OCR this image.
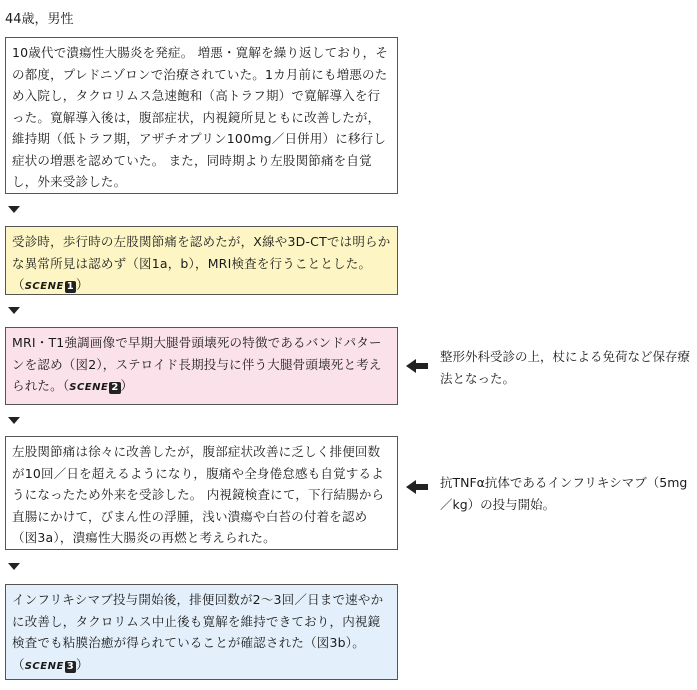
44歳，男性
10歳代で潰瘍性大腸炎を発症。 増悪・寛解を繰り返しており，その都度，プレドニゾロンで治療されていた。1カ月前にも増悪のため入院し，タクロリムス急速飽和（高トラフ期）で寛解導入を行った。寛解導入後は，腹部症状，内視鏡所見ともに改善したが，維持期（低トラフ期，アザチオプリン100mg／日併用）に移行し症状の増悪を認めていた。 また，同時期より左股関節痛を自覚し，外来受診した。
受診時，歩行時の左股関節痛を認めたが，X線や3D-CTでは明らかな異常所見は認めず（図1a，b），MRI検査を行うこととした。（SCENE 1 ）
MRI・T1強調画像で早期大腿骨頭壊死の特徴であるバンドパターンを認め（図2），ステロイド長期投与に伴う大腿骨頭壊死と考えられた。（SCENE 2 ）
左股関節痛は徐々に改善したが，腹部症状改善に乏しく排便回数が10回／日を超えるようになり，腹痛や全身倦怠感も自覚するようになったため外来を受診した。 内視鏡検査にて，下行結腸から直腸にかけて，びまん性の浮腫，浅い潰瘍や白苔の付着を認め（図3a），潰瘍性大腸炎の再燃と考えられた。
インフリキシマブ投与開始後，排便回数が2～3回／日まで速やかに改善し，タクロリムス中止後も寛解を維持できており，内視鏡検査でも粘膜治癒が得られていることが確認された（図3b）。（SCENE 3 ）
整形外科受診の上，杖による免荷など保存療法となった。
抗TNFα抗体であるインフリキシマブ（5mg／kg）の投与開始。
